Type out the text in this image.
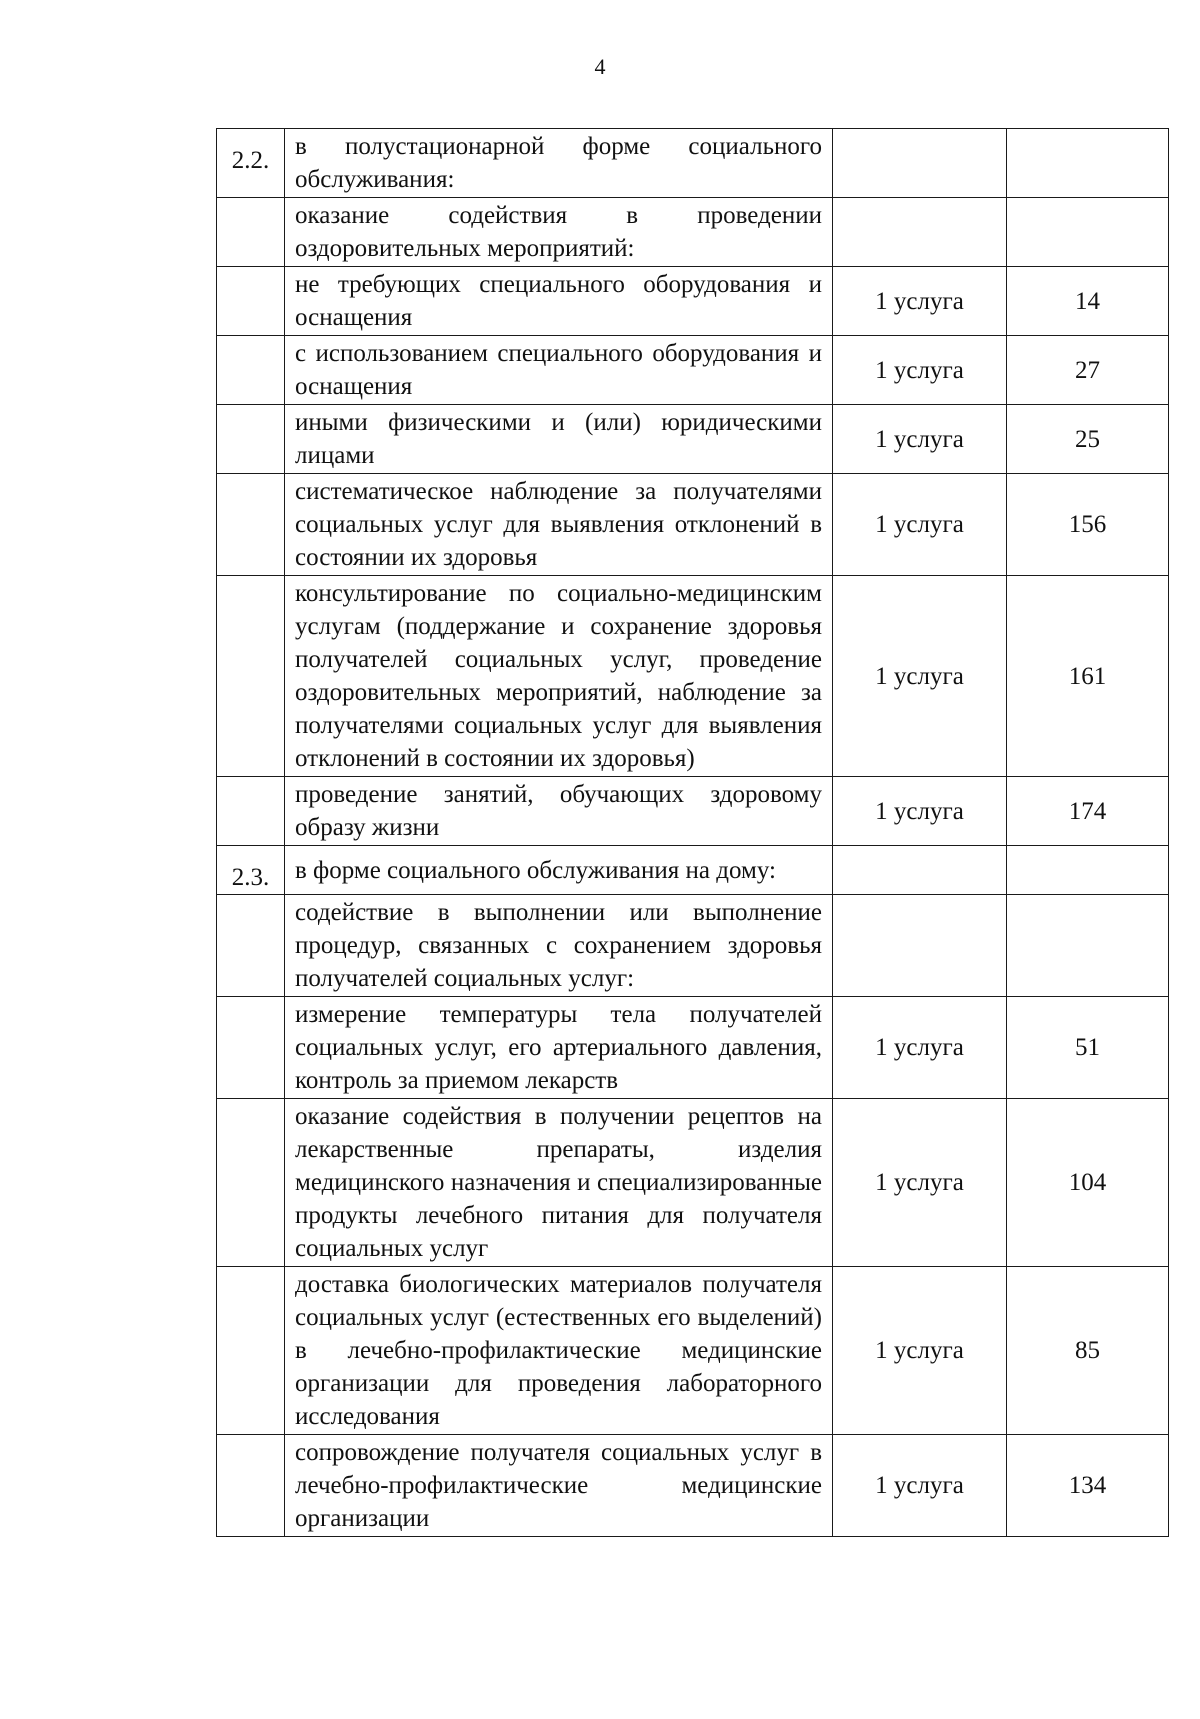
4
2.2.	в полустационарной форме социального обслуживания:		
	оказание содействия в проведении оздоровительных мероприятий:		
	не требующих специального оборудования и оснащения	1 услуга	14
	с использованием специального оборудования и оснащения	1 услуга	27
	иными физическими и (или) юридическими лицами	1 услуга	25
	систематическое наблюдение за получателями социальных услуг для выявления отклонений в состоянии их здоровья	1 услуга	156
	консультирование по социально-медицинским услугам (поддержание и сохранение здоровья получателей социальных услуг, проведение оздоровительных мероприятий, наблюдение за получателями социальных услуг для выявления отклонений в состоянии их здоровья)	1 услуга	161
	проведение занятий, обучающих здоровому образу жизни	1 услуга	174
2.3.	в форме социального обслуживания на дому:		
	содействие в выполнении или выполнение процедур, связанных с сохранением здоровья получателей социальных услуг:		
	измерение температуры тела получателей социальных услуг, его артериального давления, контроль за приемом лекарств	1 услуга	51
	оказание содействия в получении рецептов на лекарственные препараты, изделия медицинского назначения и специализированные продукты лечебного питания для получателя социальных услуг	1 услуга	104
	доставка биологических материалов получателя социальных услуг (естественных его выделений) в лечебно-профилактические медицинские организации для проведения лабораторного исследования	1 услуга	85
	сопровождение получателя социальных услуг в лечебно-профилактические медицинские организации	1 услуга	134
